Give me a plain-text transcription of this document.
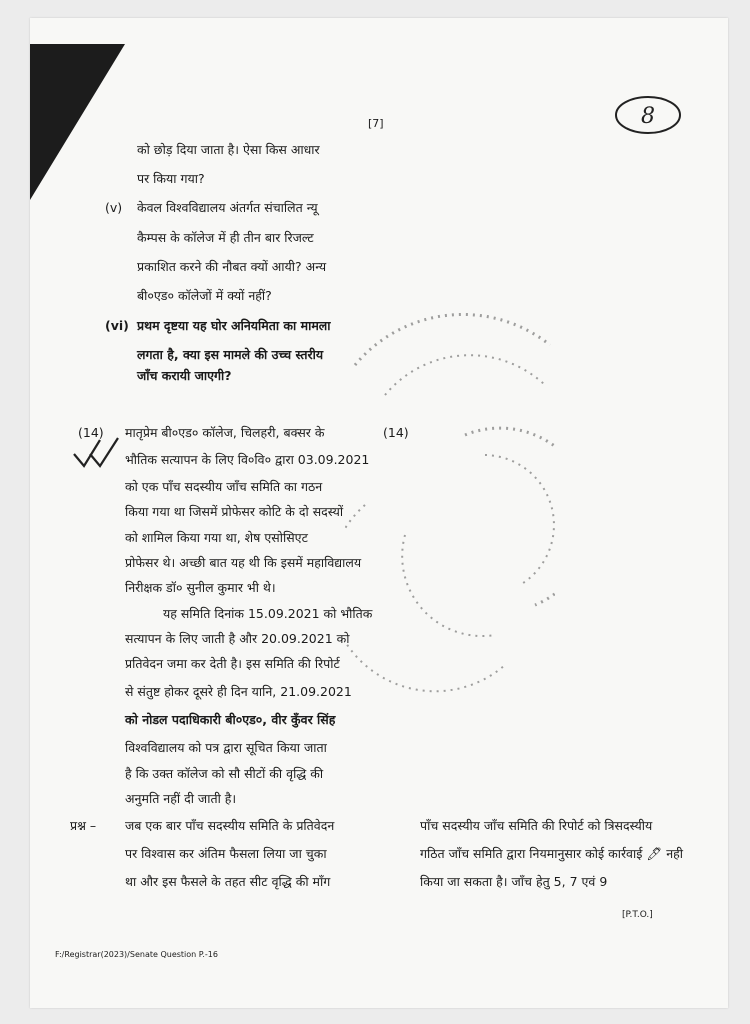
8
[7]
को छोड़ दिया जाता है। ऐसा किस आधार
पर किया गया?
(v) केवल विश्वविद्यालय अंतर्गत संचालित न्यू
कैम्पस के कॉलेज में ही तीन बार रिजल्ट
प्रकाशित करने की नौबत क्यों आयी? अन्य
बी०एड० कॉलेजों में क्यों नहीं?
(vi) प्रथम दृष्टया यह घोर अनियमिता का मामला
लगता है, क्या इस मामले की उच्च स्तरीय
जाँच करायी जाएगी?
(14)	(14)
मातृप्रेम बी०एड० कॉलेज, चिलहरी, बक्सर के
भौतिक सत्यापन के लिए वि०वि० द्वारा 03.09.2021
को एक पाँच सदस्यीय जाँच समिति का गठन
किया गया था जिसमें प्रोफेसर कोटि के दो सदस्यों
को शामिल किया गया था, शेष एसोसिएट
प्रोफेसर थे। अच्छी बात यह थी कि इसमें महाविद्यालय
निरीक्षक डॉ० सुनील कुमार भी थे।
यह समिति दिनांक 15.09.2021 को भौतिक
सत्यापन के लिए जाती है और 20.09.2021 को
प्रतिवेदन जमा कर देती है। इस समिति की रिपोर्ट
से संतुष्ट होकर दूसरे ही दिन यानि, 21.09.2021
को नोडल पदाधिकारी बी०एड०, वीर कुँवर सिंह
विश्वविद्यालय को पत्र द्वारा सूचित किया जाता
है कि उक्त कॉलेज को सौ सीटों की वृद्धि की
अनुमति नहीं दी जाती है।
प्रश्न – जब एक बार पाँच सदस्यीय समिति के प्रतिवेदन
पर विश्वास कर अंतिम फैसला लिया जा चुका
था और इस फैसले के तहत सीट वृद्धि की माँग
पाँच सदस्यीय जाँच समिति की रिपोर्ट को त्रिसदस्यीय
गठित जाँच समिति द्वारा नियमानुसार कोई कार्रवाई 🖊 नही
किया जा सकता है। जाँच हेतु 5, 7 एवं 9
[P.T.O.]
F:/Registrar(2023)/Senate Question P.-16
